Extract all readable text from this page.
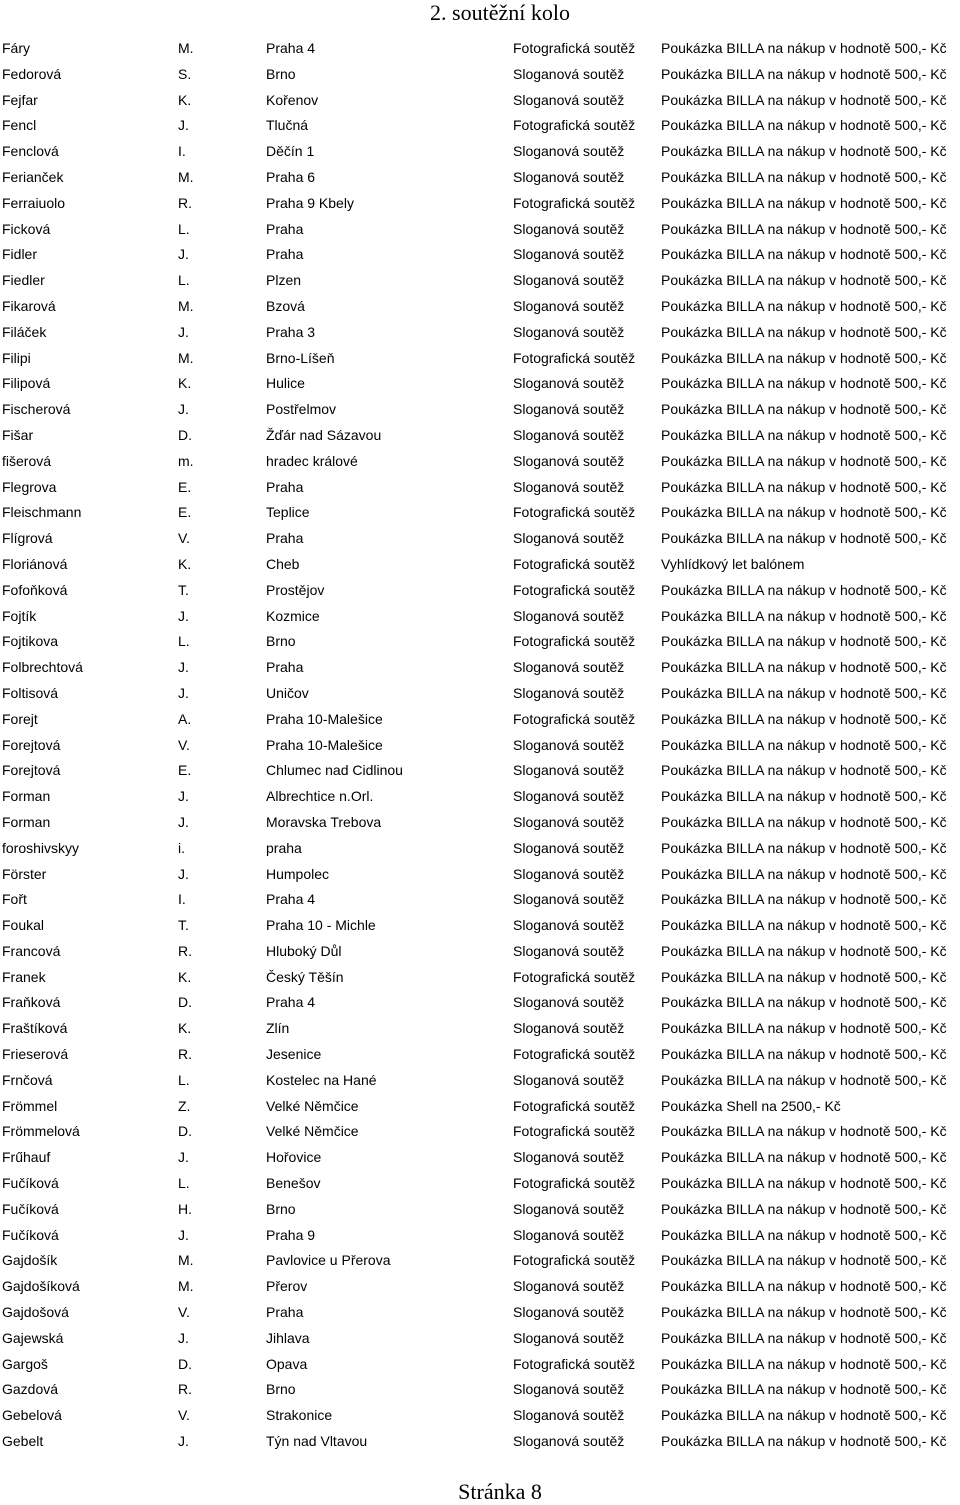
2. soutěžní kolo
Fáry	M.	Praha 4	Fotografická soutěž Poukázka BILLA na nákup v hodnotě 500,- Kč
Fedorová	S.	Brno	Sloganová soutěž	Poukázka BILLA na nákup v hodnotě 500,- Kč
Fejfar	K.	Kořenov	Sloganová soutěž	Poukázka BILLA na nákup v hodnotě 500,- Kč
Fencl	J.	Tlučná	Fotografická soutěž Poukázka BILLA na nákup v hodnotě 500,- Kč
Fenclová	I.	Děčín 1	Sloganová soutěž	Poukázka BILLA na nákup v hodnotě 500,- Kč
Ferianček	M.	Praha 6	Sloganová soutěž	Poukázka BILLA na nákup v hodnotě 500,- Kč
Ferraiuolo	R.	Praha 9 Kbely	Fotografická soutěž Poukázka BILLA na nákup v hodnotě 500,- Kč
Ficková	L.	Praha	Sloganová soutěž	Poukázka BILLA na nákup v hodnotě 500,- Kč
Fidler	J.	Praha	Sloganová soutěž	Poukázka BILLA na nákup v hodnotě 500,- Kč
Fiedler	L.	Plzen	Sloganová soutěž	Poukázka BILLA na nákup v hodnotě 500,- Kč
Fikarová	M.	Bzová	Sloganová soutěž	Poukázka BILLA na nákup v hodnotě 500,- Kč
Filáček	J.	Praha 3	Sloganová soutěž	Poukázka BILLA na nákup v hodnotě 500,- Kč
Filipi	M.	Brno-Líšeň	Fotografická soutěž Poukázka BILLA na nákup v hodnotě 500,- Kč
Filipová	K.	Hulice	Sloganová soutěž	Poukázka BILLA na nákup v hodnotě 500,- Kč
Fischerová	J.	Postřelmov	Sloganová soutěž	Poukázka BILLA na nákup v hodnotě 500,- Kč
Fišar	D.	Žďár nad Sázavou	Sloganová soutěž	Poukázka BILLA na nákup v hodnotě 500,- Kč
fišerová	m.	hradec králové	Sloganová soutěž	Poukázka BILLA na nákup v hodnotě 500,- Kč
Flegrova	E.	Praha	Sloganová soutěž	Poukázka BILLA na nákup v hodnotě 500,- Kč
Fleischmann	E.	Teplice	Fotografická soutěž Poukázka BILLA na nákup v hodnotě 500,- Kč
Flígrová	V.	Praha	Sloganová soutěž	Poukázka BILLA na nákup v hodnotě 500,- Kč
Floriánová	K.	Cheb	Fotografická soutěž Vyhlídkový let balónem
Fofoňková	T.	Prostějov	Fotografická soutěž Poukázka BILLA na nákup v hodnotě 500,- Kč
Fojtík	J.	Kozmice	Sloganová soutěž	Poukázka BILLA na nákup v hodnotě 500,- Kč
Fojtikova	L.	Brno	Fotografická soutěž Poukázka BILLA na nákup v hodnotě 500,- Kč
Folbrechtová	J.	Praha	Sloganová soutěž	Poukázka BILLA na nákup v hodnotě 500,- Kč
Foltisová	J.	Uničov	Sloganová soutěž	Poukázka BILLA na nákup v hodnotě 500,- Kč
Forejt	A.	Praha 10-Malešice	Fotografická soutěž Poukázka BILLA na nákup v hodnotě 500,- Kč
Forejtová	V.	Praha 10-Malešice	Sloganová soutěž	Poukázka BILLA na nákup v hodnotě 500,- Kč
Forejtová	E.	Chlumec nad Cidlinou	Sloganová soutěž	Poukázka BILLA na nákup v hodnotě 500,- Kč
Forman	J.	Albrechtice n.Orl.	Sloganová soutěž	Poukázka BILLA na nákup v hodnotě 500,- Kč
Forman	J.	Moravska Trebova	Sloganová soutěž	Poukázka BILLA na nákup v hodnotě 500,- Kč
foroshivskyy	i.	praha	Sloganová soutěž	Poukázka BILLA na nákup v hodnotě 500,- Kč
Förster	J.	Humpolec	Sloganová soutěž	Poukázka BILLA na nákup v hodnotě 500,- Kč
Fořt	I.	Praha 4	Sloganová soutěž	Poukázka BILLA na nákup v hodnotě 500,- Kč
Foukal	T.	Praha 10 - Michle	Sloganová soutěž	Poukázka BILLA na nákup v hodnotě 500,- Kč
Francová	R.	Hluboký Důl	Sloganová soutěž	Poukázka BILLA na nákup v hodnotě 500,- Kč
Franek	K.	Český Těšín	Fotografická soutěž Poukázka BILLA na nákup v hodnotě 500,- Kč
Fraňková	D.	Praha 4	Sloganová soutěž	Poukázka BILLA na nákup v hodnotě 500,- Kč
Fraštíková	K.	Zlín	Sloganová soutěž	Poukázka BILLA na nákup v hodnotě 500,- Kč
Frieserová	R.	Jesenice	Fotografická soutěž Poukázka BILLA na nákup v hodnotě 500,- Kč
Frnčová	L.	Kostelec na Hané	Sloganová soutěž	Poukázka BILLA na nákup v hodnotě 500,- Kč
Frömmel	Z.	Velké Němčice	Fotografická soutěž Poukázka Shell na 2500,- Kč
Frömmelová	D.	Velké Němčice	Fotografická soutěž Poukázka BILLA na nákup v hodnotě 500,- Kč
Frűhauf	J.	Hořovice	Sloganová soutěž	Poukázka BILLA na nákup v hodnotě 500,- Kč
Fučíková	L.	Benešov	Fotografická soutěž Poukázka BILLA na nákup v hodnotě 500,- Kč
Fučíková	H.	Brno	Sloganová soutěž	Poukázka BILLA na nákup v hodnotě 500,- Kč
Fučíková	J.	Praha 9	Sloganová soutěž	Poukázka BILLA na nákup v hodnotě 500,- Kč
Gajdošík	M.	Pavlovice u Přerova	Fotografická soutěž Poukázka BILLA na nákup v hodnotě 500,- Kč
Gajdošíková	M.	Přerov	Sloganová soutěž	Poukázka BILLA na nákup v hodnotě 500,- Kč
Gajdošová	V.	Praha	Sloganová soutěž	Poukázka BILLA na nákup v hodnotě 500,- Kč
Gajewská	J.	Jihlava	Sloganová soutěž	Poukázka BILLA na nákup v hodnotě 500,- Kč
Gargoš	D.	Opava	Fotografická soutěž Poukázka BILLA na nákup v hodnotě 500,- Kč
Gazdová	R.	Brno	Sloganová soutěž	Poukázka BILLA na nákup v hodnotě 500,- Kč
Gebelová	V.	Strakonice	Sloganová soutěž	Poukázka BILLA na nákup v hodnotě 500,- Kč
Gebelt	J.	Týn nad Vltavou	Sloganová soutěž	Poukázka BILLA na nákup v hodnotě 500,- Kč
Stránka 8
